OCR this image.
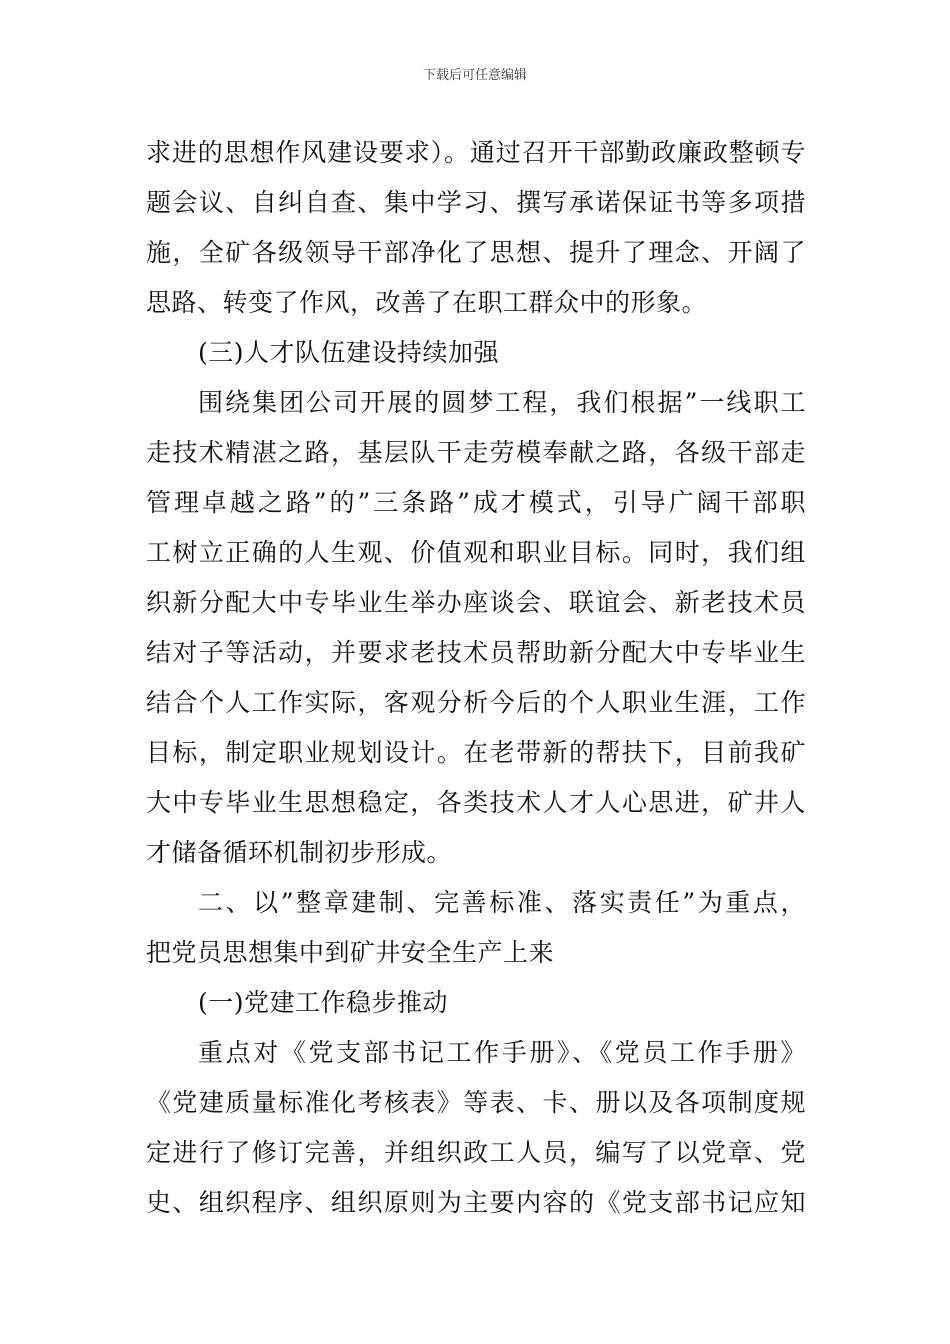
下载后可任意编辑
求进的思想作风建设要求）。通过召开干部勤政廉政整顿专
题会议、自纠自查、集中学习、撰写承诺保证书等多项措
施，全矿各级领导干部净化了思想、提升了理念、开阔了
思路、转变了作风，改善了在职工群众中的形象。
(三)人才队伍建设持续加强
围绕集团公司开展的圆梦工程，我们根据”一线职工
走技术精湛之路，基层队干走劳模奉献之路，各级干部走
管理卓越之路”的”三条路”成才模式，引导广阔干部职
工树立正确的人生观、价值观和职业目标。同时，我们组
织新分配大中专毕业生举办座谈会、联谊会、新老技术员
结对子等活动，并要求老技术员帮助新分配大中专毕业生
结合个人工作实际，客观分析今后的个人职业生涯，工作
目标，制定职业规划设计。在老带新的帮扶下，目前我矿
大中专毕业生思想稳定，各类技术人才人心思进，矿井人
才储备循环机制初步形成。
二、以”整章建制、完善标准、落实责任”为重点，
把党员思想集中到矿井安全生产上来
(一)党建工作稳步推动
重点对《党支部书记工作手册》、《党员工作手册》
《党建质量标准化考核表》等表、卡、册以及各项制度规
定进行了修订完善，并组织政工人员，编写了以党章、党
史、组织程序、组织原则为主要内容的《党支部书记应知
